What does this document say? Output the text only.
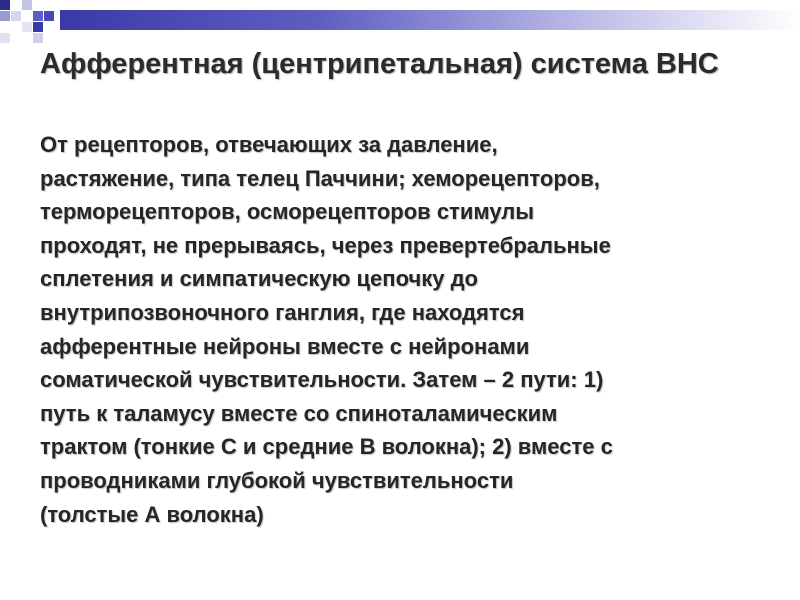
Афферентная (центрипетальная) система ВНС

От рецепторов, отвечающих за давление,
растяжение, типа телец Паччини; хеморецепторов,
терморецепторов, осморецепторов стимулы
проходят, не прерываясь, через превертебральные
сплетения и симпатическую цепочку до
внутрипозвоночного ганглия, где находятся
афферентные нейроны вместе с нейронами
соматической чувствительности. Затем – 2 пути: 1)
путь к таламусу вместе со спиноталамическим
трактом (тонкие С и средние В волокна); 2) вместе с
проводниками глубокой чувствительности
(толстые А волокна)
